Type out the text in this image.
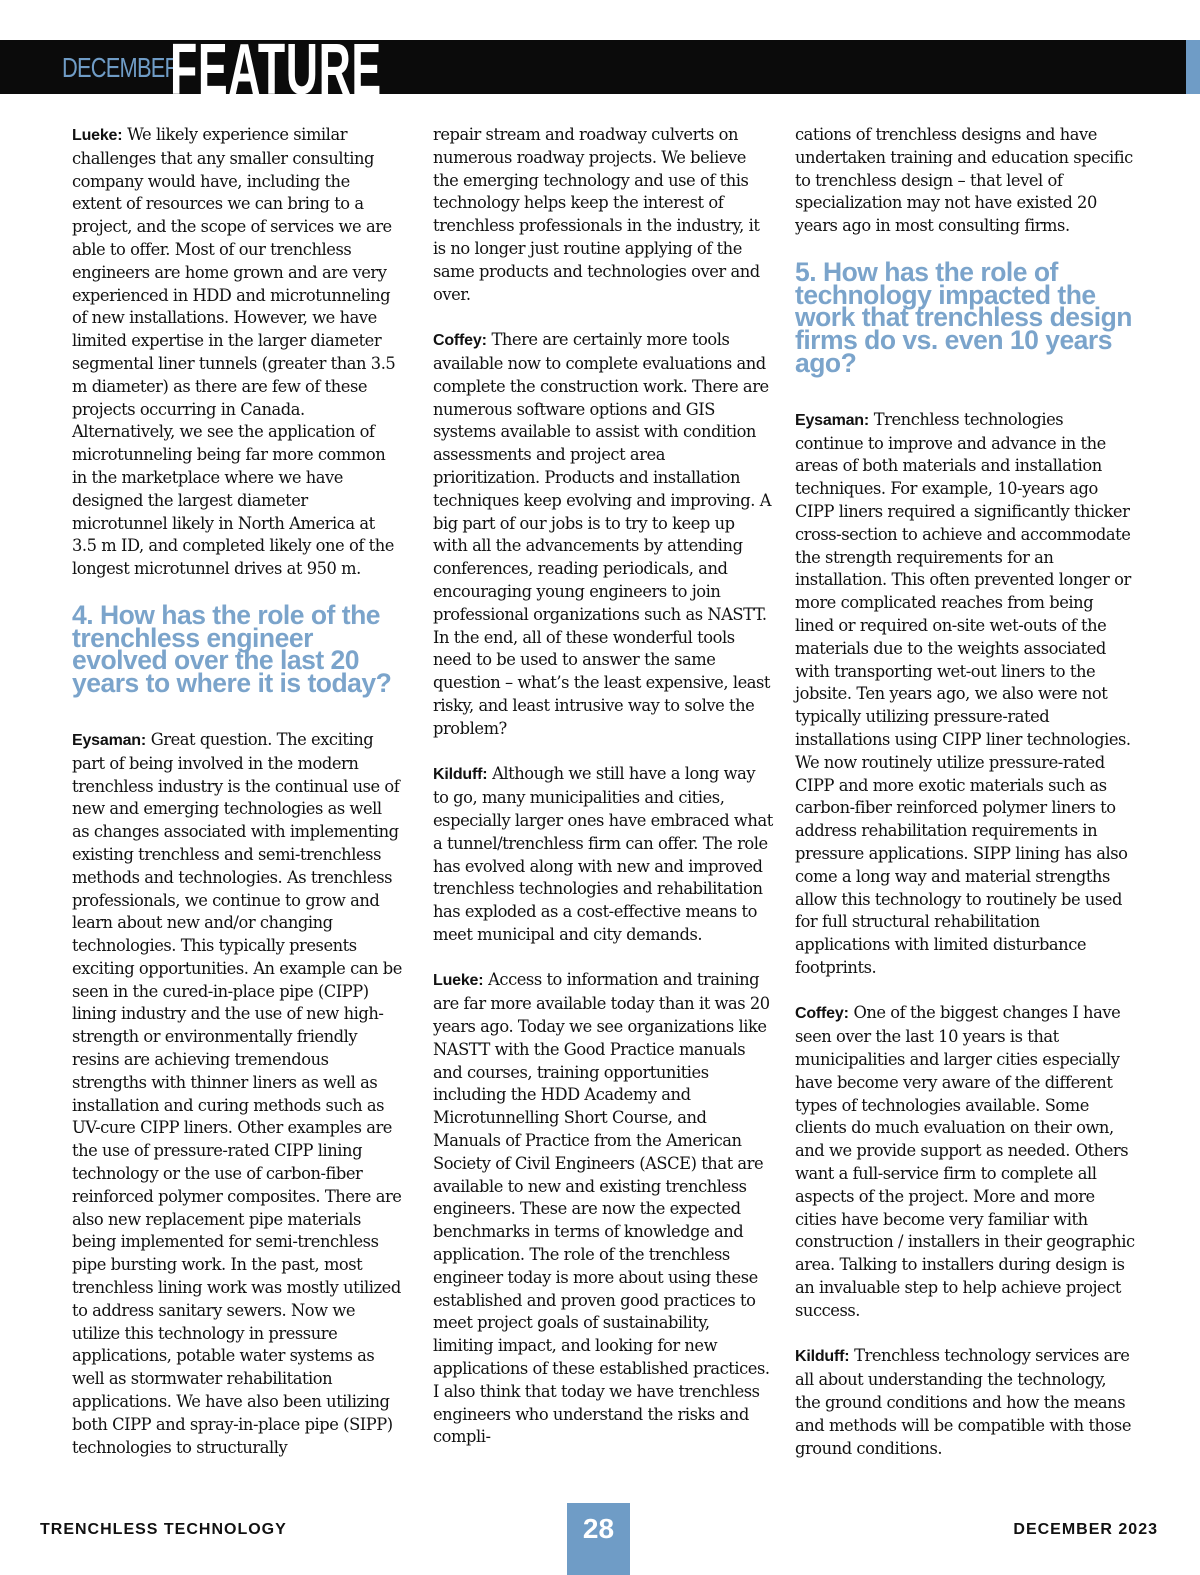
DECEMBER
FEATURE

Lueke: We likely experience similar challenges that any smaller consulting company would have, including the extent of resources we can bring to a project, and the scope of services we are able to offer. Most of our trenchless engineers are home grown and are very experienced in HDD and microtunneling of new installations. However, we have limited expertise in the larger diameter segmental liner tunnels (greater than 3.5 m diameter) as there are few of these projects occurring in Canada. Alternatively, we see the application of microtunneling being far more common in the marketplace where we have designed the largest diameter microtunnel likely in North America at 3.5 m ID, and completed likely one of the longest microtunnel drives at 950 m.

4. How has the role of the trenchless engineer evolved over the last 20 years to where it is today?

Eysaman: Great question. The exciting part of being involved in the modern trenchless industry is the continual use of new and emerging technologies as well as changes associated with implementing existing trenchless and semi-trenchless methods and technologies. As trenchless professionals, we continue to grow and learn about new and/or changing technologies. This typically presents exciting opportunities. An example can be seen in the cured-in-place pipe (CIPP) lining industry and the use of new high-strength or environmentally friendly resins are achieving tremendous strengths with thinner liners as well as installation and curing methods such as UV-cure CIPP liners. Other examples are the use of pressure-rated CIPP lining technology or the use of carbon-fiber reinforced polymer composites. There are also new replacement pipe materials being implemented for semi-trenchless pipe bursting work. In the past, most trenchless lining work was mostly utilized to address sanitary sewers. Now we utilize this technology in pressure applications, potable water systems as well as stormwater rehabilitation applications. We have also been utilizing both CIPP and spray-in-place pipe (SIPP) technologies to structurally

repair stream and roadway culverts on numerous roadway projects. We believe the emerging technology and use of this technology helps keep the interest of trenchless professionals in the industry, it is no longer just routine applying of the same products and technologies over and over.

Coffey: There are certainly more tools available now to complete evaluations and complete the construction work. There are numerous software options and GIS systems available to assist with condition assessments and project area prioritization. Products and installation techniques keep evolving and improving. A big part of our jobs is to try to keep up with all the advancements by attending conferences, reading periodicals, and encouraging young engineers to join professional organizations such as NASTT. In the end, all of these wonderful tools need to be used to answer the same question – what’s the least expensive, least risky, and least intrusive way to solve the problem?

Kilduff: Although we still have a long way to go, many municipalities and cities, especially larger ones have embraced what a tunnel/trenchless firm can offer. The role has evolved along with new and improved trenchless technologies and rehabilitation has exploded as a cost-effective means to meet municipal and city demands.

Lueke: Access to information and training are far more available today than it was 20 years ago. Today we see organizations like NASTT with the Good Practice manuals and courses, training opportunities including the HDD Academy and Microtunnelling Short Course, and Manuals of Practice from the American Society of Civil Engineers (ASCE) that are available to new and existing trenchless engineers. These are now the expected benchmarks in terms of knowledge and application. The role of the trenchless engineer today is more about using these established and proven good practices to meet project goals of sustainability, limiting impact, and looking for new applications of these established practices. I also think that today we have trenchless engineers who understand the risks and compli-

cations of trenchless designs and have undertaken training and education specific to trenchless design – that level of specialization may not have existed 20 years ago in most consulting firms.

5. How has the role of technology impacted the work that trenchless design firms do vs. even 10 years ago?

Eysaman: Trenchless technologies continue to improve and advance in the areas of both materials and installation techniques. For example, 10-years ago CIPP liners required a significantly thicker cross-section to achieve and accommodate the strength requirements for an installation. This often prevented longer or more complicated reaches from being lined or required on-site wet-outs of the materials due to the weights associated with transporting wet-out liners to the jobsite. Ten years ago, we also were not typically utilizing pressure-rated installations using CIPP liner technologies. We now routinely utilize pressure-rated CIPP and more exotic materials such as carbon-fiber reinforced polymer liners to address rehabilitation requirements in pressure applications. SIPP lining has also come a long way and material strengths allow this technology to routinely be used for full structural rehabilitation applications with limited disturbance footprints.

Coffey: One of the biggest changes I have seen over the last 10 years is that municipalities and larger cities especially have become very aware of the different types of technologies available. Some clients do much evaluation on their own, and we provide support as needed. Others want a full-service firm to complete all aspects of the project. More and more cities have become very familiar with construction / installers in their geographic area. Talking to installers during design is an invaluable step to help achieve project success.

Kilduff: Trenchless technology services are all about understanding the technology, the ground conditions and how the means and methods will be compatible with those ground conditions.

TRENCHLESS TECHNOLOGY	28	DECEMBER 2023
